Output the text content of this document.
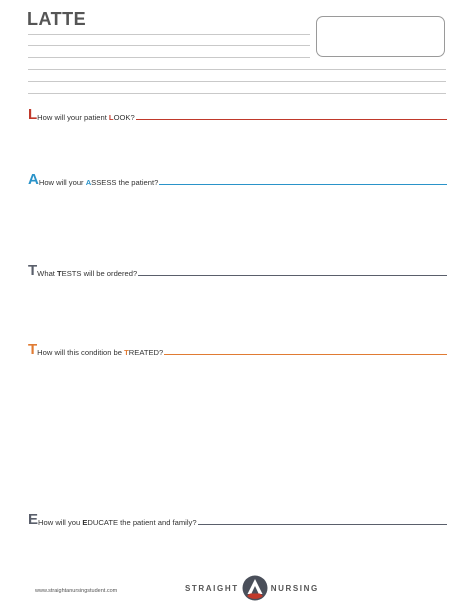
LATTE
L How will your patient LOOK?
A How will your ASSESS the patient?
T What TESTS will be ordered?
T How will this condition be TREATED?
E How will you EDUCATE the patient and family?
www.straightanursingstudent.com	STRAIGHT	NURSING
